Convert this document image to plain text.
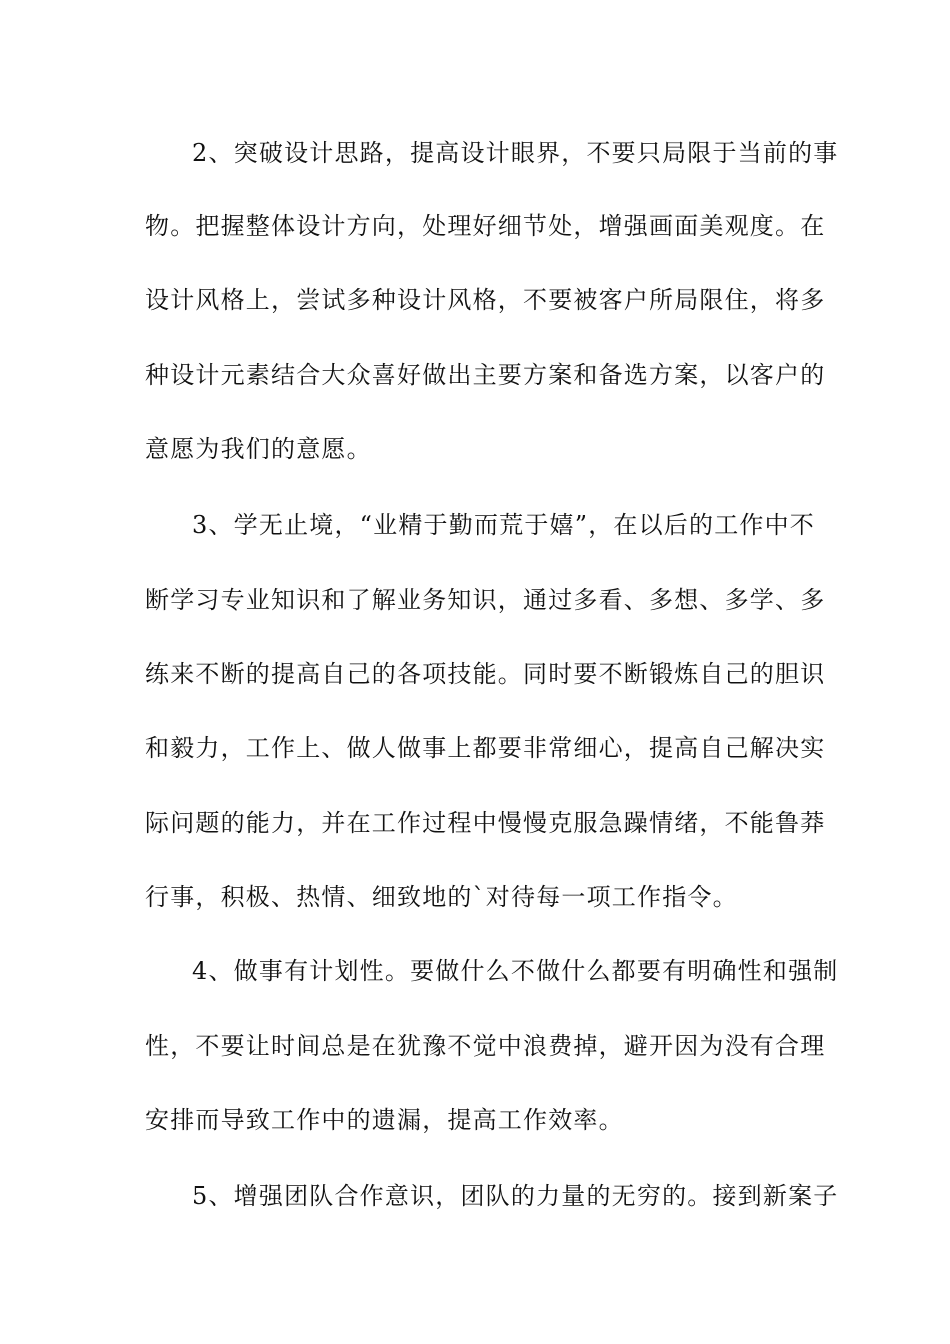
2、突破设计思路，提高设计眼界，不要只局限于当前的事
物。把握整体设计方向，处理好细节处，增强画面美观度。在
设计风格上，尝试多种设计风格，不要被客户所局限住，将多
种设计元素结合大众喜好做出主要方案和备选方案，以客户的
意愿为我们的意愿。
3、学无止境，“业精于勤而荒于嬉”，在以后的工作中不
断学习专业知识和了解业务知识，通过多看、多想、多学、多
练来不断的提高自己的各项技能。同时要不断锻炼自己的胆识
和毅力，工作上、做人做事上都要非常细心，提高自己解决实
际问题的能力，并在工作过程中慢慢克服急躁情绪，不能鲁莽
行事，积极、热情、细致地的`对待每一项工作指令。
4、做事有计划性。要做什么不做什么都要有明确性和强制
性，不要让时间总是在犹豫不觉中浪费掉，避开因为没有合理
安排而导致工作中的遗漏，提高工作效率。
5、增强团队合作意识，团队的力量的无穷的。接到新案子
